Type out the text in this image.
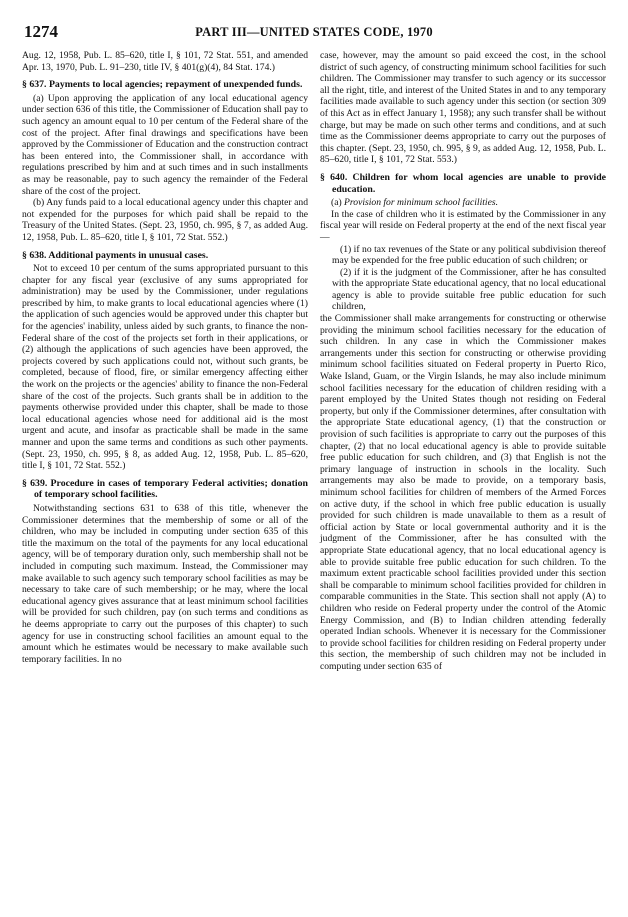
1274	PART III—UNITED STATES CODE, 1970

Aug. 12, 1958, Pub. L. 85–620, title I, § 101, 72 Stat. 551, and amended Apr. 13, 1970, Pub. L. 91–230, title IV, § 401(g)(4), 84 Stat. 174.)

§ 637. Payments to local agencies; repayment of unexpended funds.

(a) Upon approving the application of any local educational agency under section 636 of this title, the Commissioner of Education shall pay to such agency an amount equal to 10 per centum of the Federal share of the cost of the project. After final drawings and specifications have been approved by the Commissioner of Education and the construction contract has been entered into, the Commissioner shall, in accordance with regulations prescribed by him and at such times and in such installments as may be reasonable, pay to such agency the remainder of the Federal share of the cost of the project.

(b) Any funds paid to a local educational agency under this chapter and not expended for the purposes for which paid shall be repaid to the Treasury of the United States. (Sept. 23, 1950, ch. 995, § 7, as added Aug. 12, 1958, Pub. L. 85–620, title I, § 101, 72 Stat. 552.)

§ 638. Additional payments in unusual cases.

Not to exceed 10 per centum of the sums appropriated pursuant to this chapter for any fiscal year (exclusive of any sums appropriated for administration) may be used by the Commissioner, under regulations prescribed by him, to make grants to local educational agencies where (1) the application of such agencies would be approved under this chapter but for the agencies' inability, unless aided by such grants, to finance the non-Federal share of the cost of the projects set forth in their applications, or (2) although the applications of such agencies have been approved, the projects covered by such applications could not, without such grants, be completed, because of flood, fire, or similar emergency affecting either the work on the projects or the agencies' ability to finance the non-Federal share of the cost of the projects. Such grants shall be in addition to the payments otherwise provided under this chapter, shall be made to those local educational agencies whose need for additional aid is the most urgent and acute, and insofar as practicable shall be made in the same manner and upon the same terms and conditions as such other payments. (Sept. 23, 1950, ch. 995, § 8, as added Aug. 12, 1958, Pub. L. 85–620, title I, § 101, 72 Stat. 552.)

§ 639. Procedure in cases of temporary Federal activities; donation of temporary school facilities.

Notwithstanding sections 631 to 638 of this title, whenever the Commissioner determines that the membership of some or all of the children, who may be included in computing under section 635 of this title the maximum on the total of the payments for any local educational agency, will be of temporary duration only, such membership shall not be included in computing such maximum. Instead, the Commissioner may make available to such agency such temporary school facilities as may be necessary to take care of such membership; or he may, where the local educational agency gives assurance that at least minimum school facilities will be provided for such children, pay (on such terms and conditions as he deems appropriate to carry out the purposes of this chapter) to such agency for use in constructing school facilities an amount equal to the amount which he estimates would be necessary to make available such temporary facilities. In no

case, however, may the amount so paid exceed the cost, in the school district of such agency, of constructing minimum school facilities for such children. The Commissioner may transfer to such agency or its successor all the right, title, and interest of the United States in and to any temporary facilities made available to such agency under this section (or section 309 of this Act as in effect January 1, 1958); any such transfer shall be without charge, but may be made on such other terms and conditions, and at such time as the Commissioner deems appropriate to carry out the purposes of this chapter. (Sept. 23, 1950, ch. 995, § 9, as added Aug. 12, 1958, Pub. L. 85–620, title I, § 101, 72 Stat. 553.)

§ 640. Children for whom local agencies are unable to provide education.

(a) Provision for minimum school facilities.

In the case of children who it is estimated by the Commissioner in any fiscal year will reside on Federal property at the end of the next fiscal year—

(1) if no tax revenues of the State or any political subdivision thereof may be expended for the free public education of such children; or

(2) if it is the judgment of the Commissioner, after he has consulted with the appropriate State educational agency, that no local educational agency is able to provide suitable free public education for such children,

the Commissioner shall make arrangements for constructing or otherwise providing the minimum school facilities necessary for the education of such children. In any case in which the Commissioner makes arrangements under this section for constructing or otherwise providing minimum school facilities situated on Federal property in Puerto Rico, Wake Island, Guam, or the Virgin Islands, he may also include minimum school facilities necessary for the education of children residing with a parent employed by the United States though not residing on Federal property, but only if the Commissioner determines, after consultation with the appropriate State educational agency, (1) that the construction or provision of such facilities is appropriate to carry out the purposes of this chapter, (2) that no local educational agency is able to provide suitable free public education for such children, and (3) that English is not the primary language of instruction in schools in the locality. Such arrangements may also be made to provide, on a temporary basis, minimum school facilities for children of members of the Armed Forces on active duty, if the school in which free public education is usually provided for such children is made unavailable to them as a result of official action by State or local governmental authority and it is the judgment of the Commissioner, after he has consulted with the appropriate State educational agency, that no local educational agency is able to provide suitable free public education for such children. To the maximum extent practicable school facilities provided under this section shall be comparable to minimum school facilities provided for children in comparable communities in the State. This section shall not apply (A) to children who reside on Federal property under the control of the Atomic Energy Commission, and (B) to Indian children attending federally operated Indian schools. Whenever it is necessary for the Commissioner to provide school facilities for children residing on Federal property under this section, the membership of such children may not be included in computing under section 635 of
